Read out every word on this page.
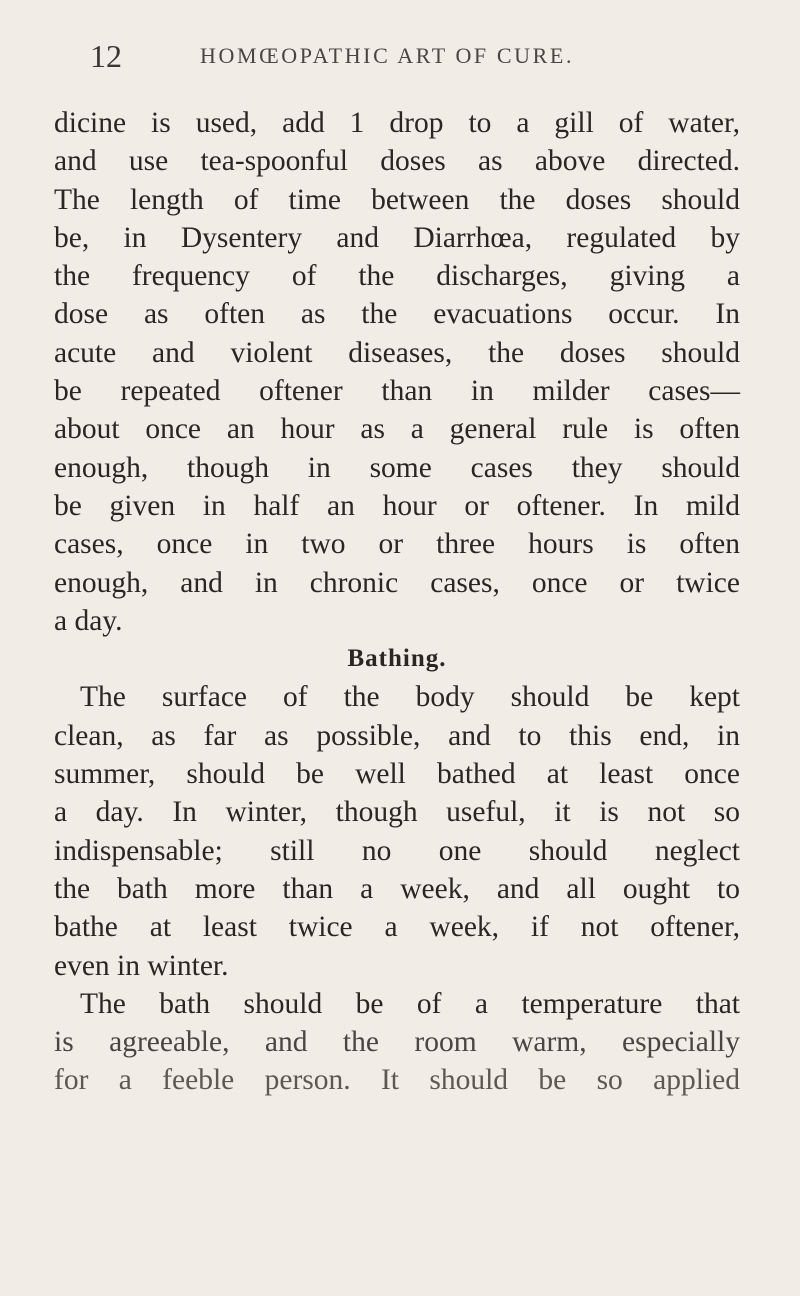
12	HOMŒOPATHIC ART OF CURE.
dicine is used, add 1 drop to a gill of water,
and use tea-spoonful doses as above directed.
The length of time between the doses should
be, in Dysentery and Diarrhœa, regulated by
the frequency of the discharges, giving a
dose as often as the evacuations occur. In
acute and violent diseases, the doses should
be repeated oftener than in milder cases—
about once an hour as a general rule is often
enough, though in some cases they should
be given in half an hour or oftener. In mild
cases, once in two or three hours is often
enough, and in chronic cases, once or twice
a day.
Bathing.
The surface of the body should be kept
clean, as far as possible, and to this end, in
summer, should be well bathed at least once
a day. In winter, though useful, it is not so
indispensable; still no one should neglect
the bath more than a week, and all ought to
bathe at least twice a week, if not oftener,
even in winter.
The bath should be of a temperature that
is agreeable, and the room warm, especially
for a feeble person. It should be so applied
